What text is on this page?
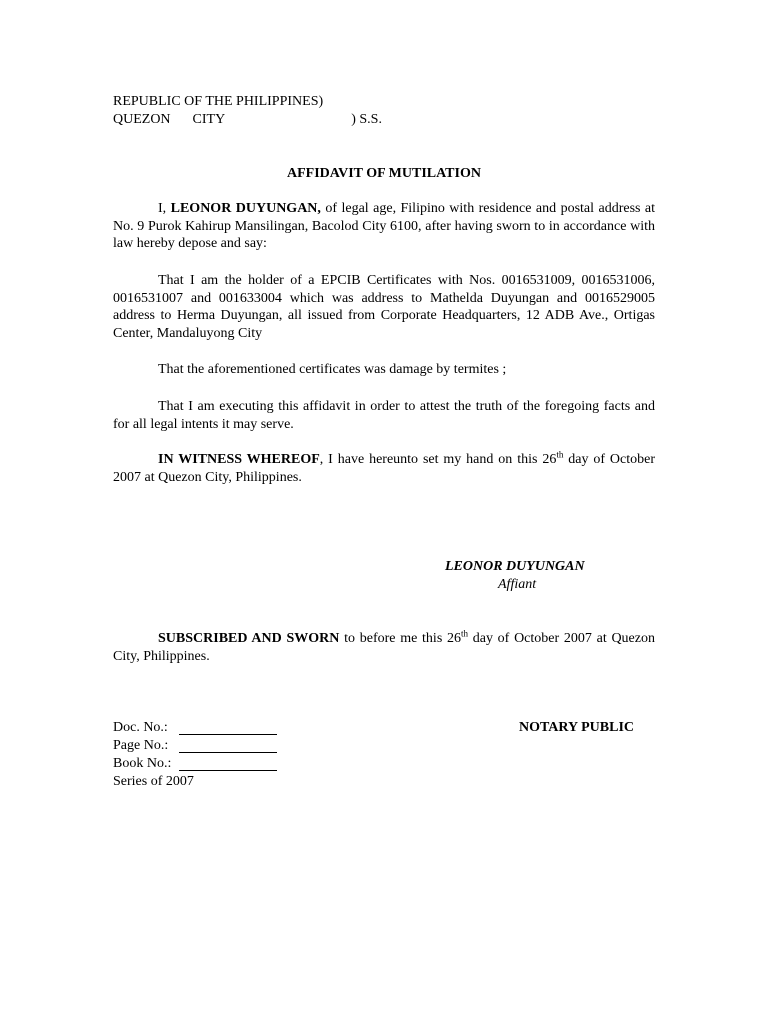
REPUBLIC OF THE PHILIPPINES)
QUEZON CITY	) S.S.
AFFIDAVIT OF MUTILATION
I, LEONOR DUYUNGAN, of legal age, Filipino with residence and postal address at No. 9 Purok Kahirup Mansilingan, Bacolod City 6100, after having sworn to in accordance with law hereby depose and say:
That I am the holder of a EPCIB Certificates with Nos. 0016531009, 0016531006, 0016531007 and 001633004 which was address to Mathelda Duyungan and 0016529005 address to Herma Duyungan, all issued from Corporate Headquarters, 12 ADB Ave., Ortigas Center, Mandaluyong City
That the aforementioned certificates was damage by termites ;
That I am executing this affidavit in order to attest the truth of the foregoing facts and for all legal intents it may serve.
IN WITNESS WHEREOF, I have hereunto set my hand on this 26th day of October 2007 at Quezon City, Philippines.
LEONOR DUYUNGAN
Affiant
SUBSCRIBED AND SWORN to before me this 26th day of October 2007 at Quezon City, Philippines.
NOTARY PUBLIC
Doc. No.:
Page No.:
Book No.:
Series of 2007
